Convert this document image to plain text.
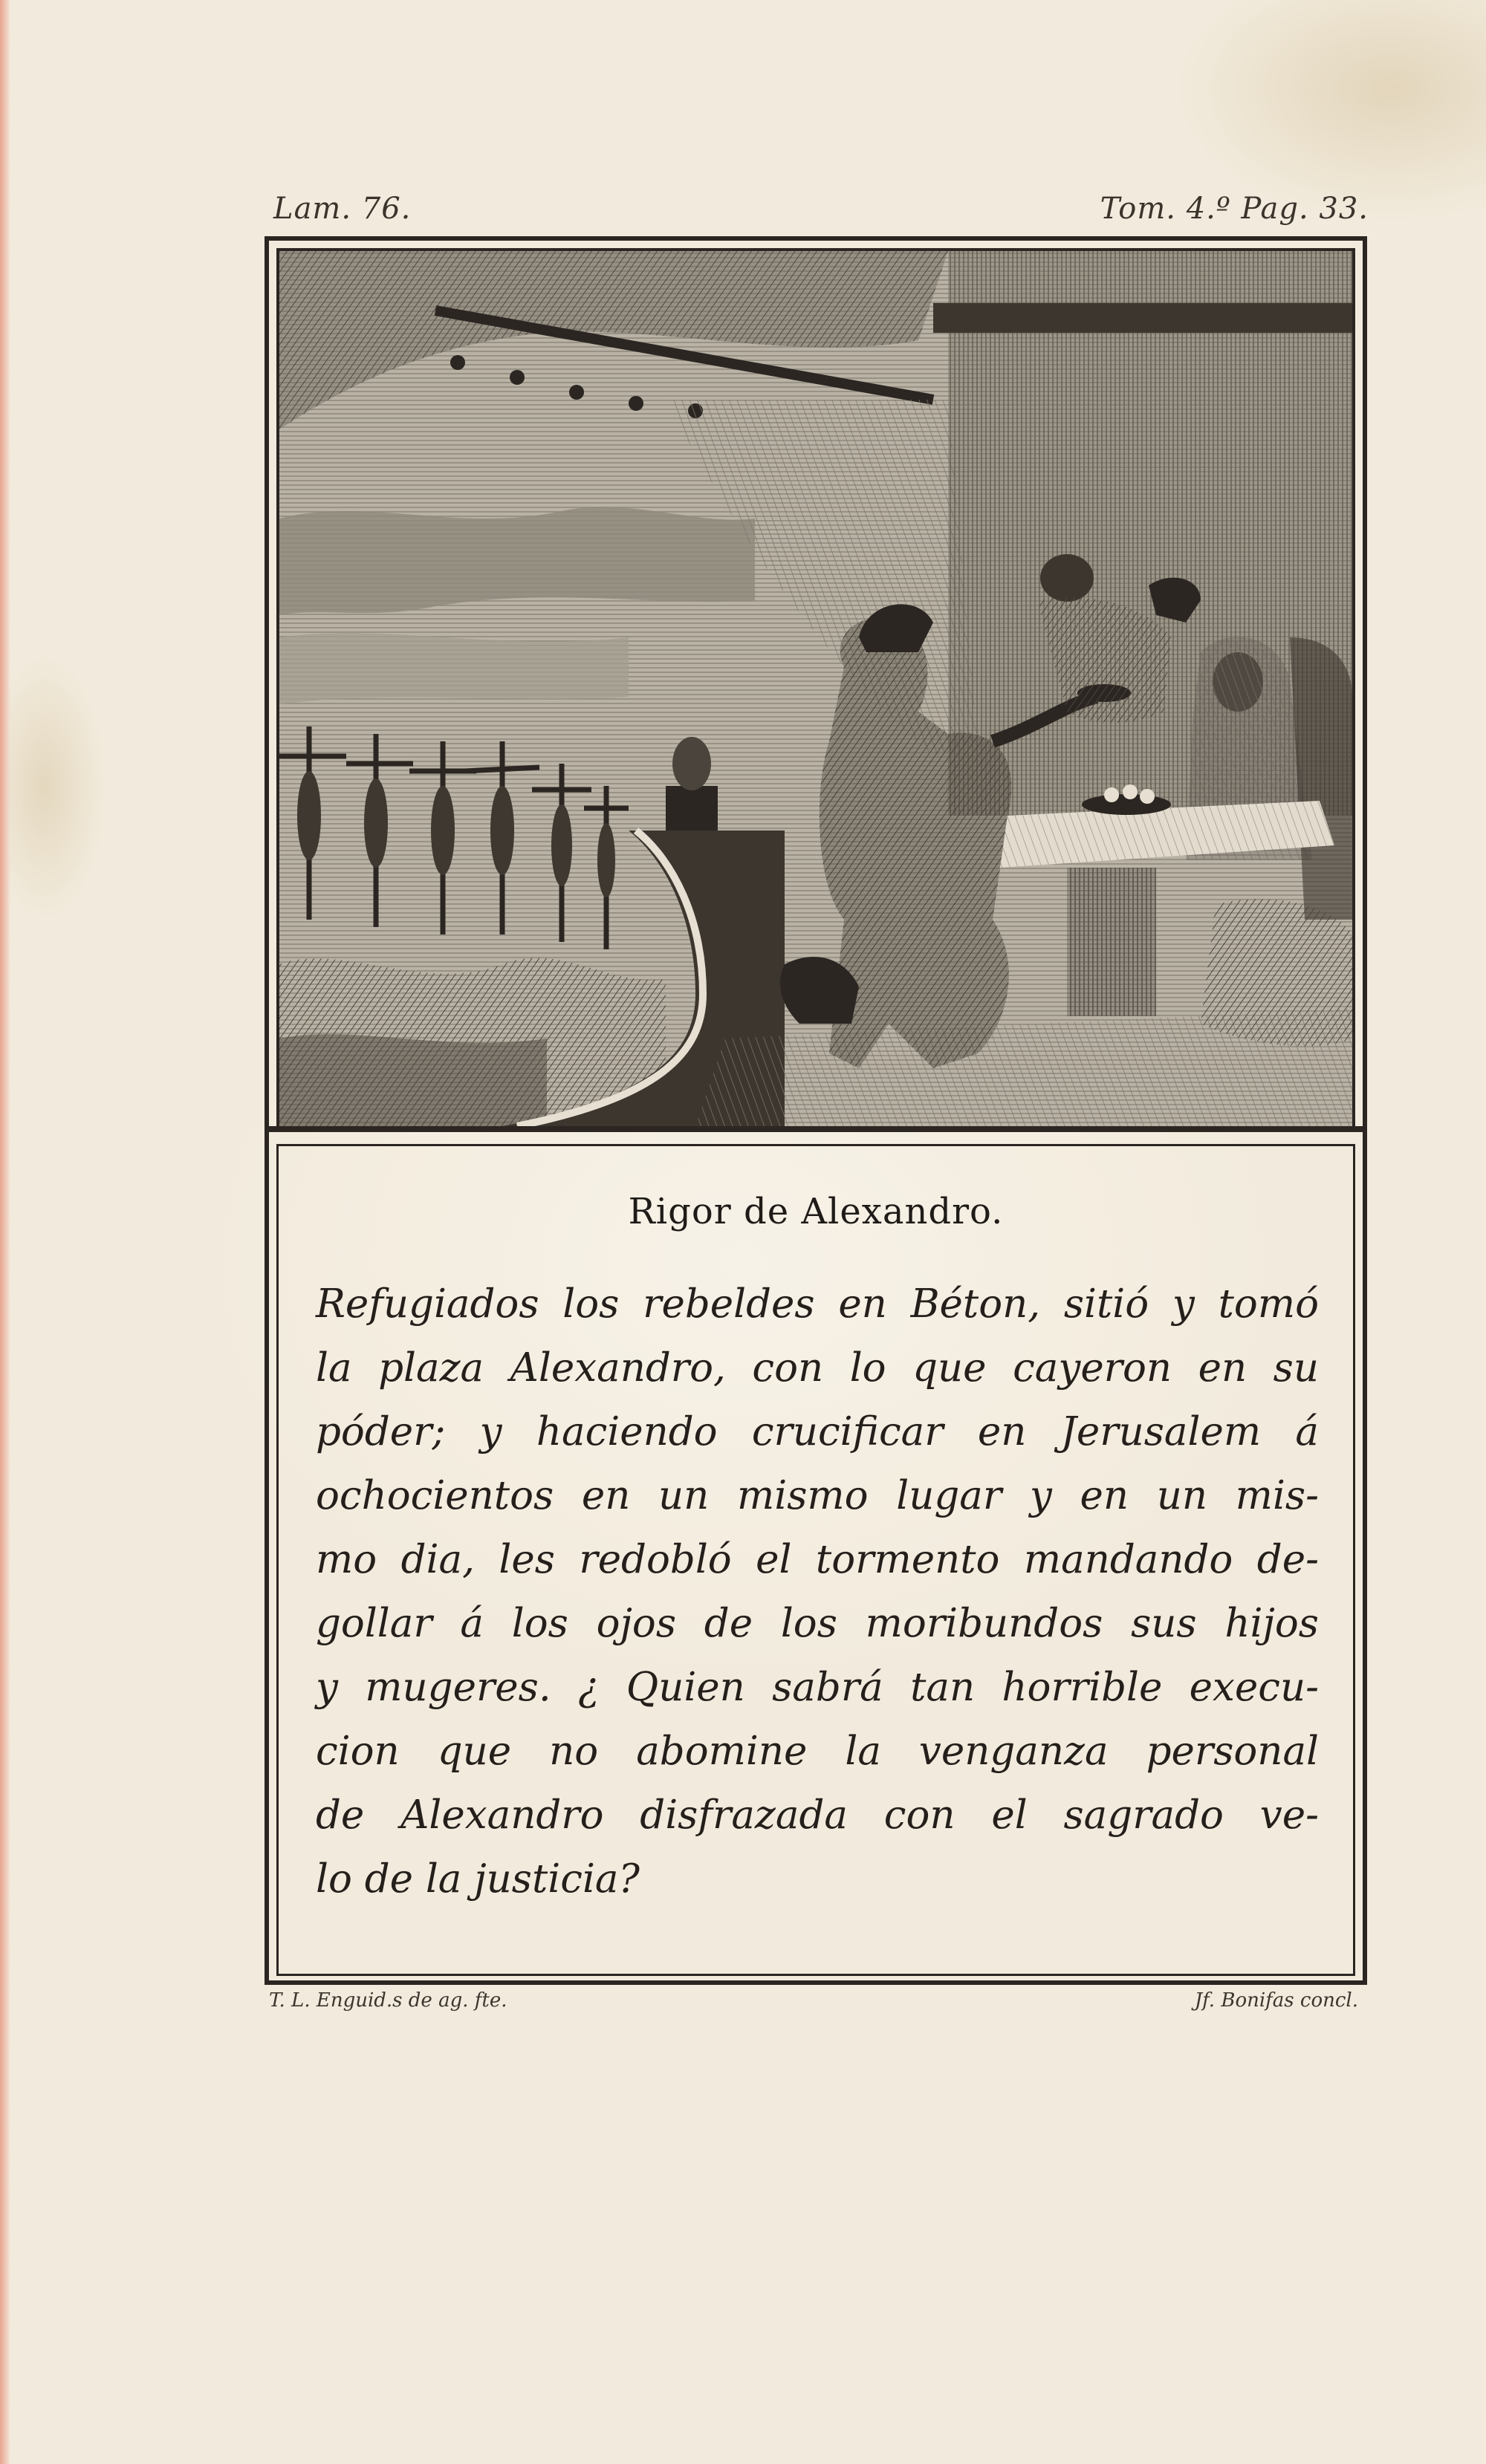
Lam. 76.	Tom. 4.º Pag. 33.
Rigor de Alexandro.
Refugiados los rebeldes en Béton, sitió y tomó
la plaza Alexandro, con lo que cayeron en su
póder; y haciendo crucificar en Jerusalem á
ochocientos en un mismo lugar y en un mis-
mo dia, les redobló el tormento mandando de-
gollar á los ojos de los moribundos sus hijos
y mugeres. ¿ Quien sabrá tan horrible execu-
cion que no abomine la venganza personal
de Alexandro disfrazada con el sagrado ve-
lo de la justicia?
T. L. Enguid.s de ag. fte.	Jf. Bonifas concl.
